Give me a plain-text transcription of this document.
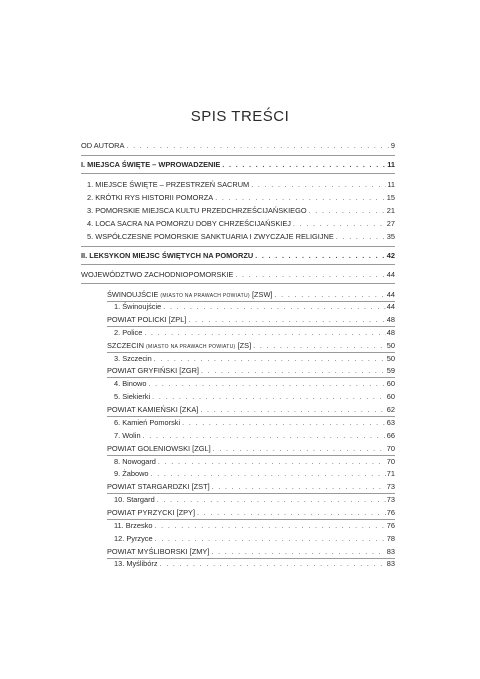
SPIS TREŚCI
OD AUTORA . . .	9
I. MIEJSCA ŚWIĘTE – WPROWADZENIE . . .	11
1. MIEJSCE ŚWIĘTE – PRZESTRZEŃ SACRUM . . .	11
2. KRÓTKI RYS HISTORII POMORZA . . .	15
3. POMORSKIE MIEJSCA KULTU PRZEDCHRZEŚCIJAŃSKIEGO . . .	21
4. LOCA SACRA NA POMORZU DOBY CHRZEŚCIJAŃSKIEJ . . .	27
5. WSPÓŁCZESNE POMORSKIE SANKTUARIA I ZWYCZAJE RELIGIJNE . . .	35
II. LEKSYKON MIEJSC ŚWIĘTYCH NA POMORZU . . .	42
WOJEWÓDZTWO ZACHODNIOPOMORSKIE . . .	44
ŚWINOUJŚCIE (MIASTO NA PRAWACH POWIATU) [ZSW] . . .	44
1. Świnoujście . . .	44
POWIAT POLICKI [ZPL] . . .	48
2. Police . . .	48
SZCZECIN (MIASTO NA PRAWACH POWIATU) [ZS] . . .	50
3. Szczecin . . .	50
POWIAT GRYFIŃSKI [ZGR] . . .	59
4. Binowo . . .	60
5. Siekierki . . .	60
POWIAT KAMIEŃSKI [ZKA] . . .	62
6. Kamień Pomorski . . .	63
7. Wolin . . .	66
POWIAT GOLENIOWSKI [ZGL] . . .	70
8. Nowogard . . .	70
9. Żabowo . . .	71
POWIAT STARGARDZKI [ZST] . . .	73
10. Stargard . . .	73
POWIAT PYRZYCKI [ZPY] . . .	76
11. Brzesko . . .	76
12. Pyrzyce . . .	78
POWIAT MYŚLIBORSKI [ZMY] . . .	83
13. Myślibórz . . .	83
